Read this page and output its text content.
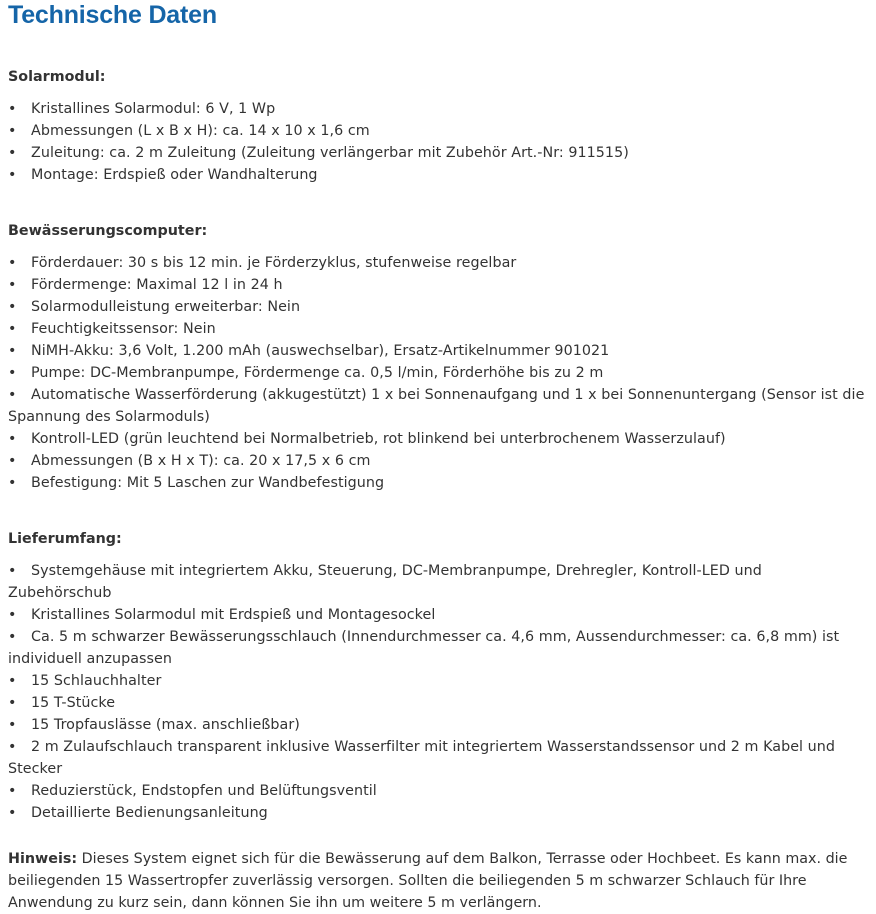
Technische Daten
Solarmodul:
• Kristallines Solarmodul: 6 V, 1 Wp
• Abmessungen (L x B x H): ca. 14 x 10 x 1,6 cm
• Zuleitung: ca. 2 m Zuleitung (Zuleitung verlängerbar mit Zubehör Art.-Nr: 911515)
• Montage: Erdspieß oder Wandhalterung
Bewässerungscomputer:
• Förderdauer: 30 s bis 12 min. je Förderzyklus, stufenweise regelbar
• Fördermenge: Maximal 12 l in 24 h
• Solarmodulleistung erweiterbar: Nein
• Feuchtigkeitssensor: Nein
• NiMH-Akku: 3,6 Volt, 1.200 mAh (auswechselbar), Ersatz-Artikelnummer 901021
• Pumpe: DC-Membranpumpe, Fördermenge ca. 0,5 l/min, Förderhöhe bis zu 2 m
• Automatische Wasserförderung (akkugestützt) 1 x bei Sonnenaufgang und 1 x bei Sonnenuntergang (Sensor ist die Spannung des Solarmoduls)
• Kontroll-LED (grün leuchtend bei Normalbetrieb, rot blinkend bei unterbrochenem Wasserzulauf)
• Abmessungen (B x H x T): ca. 20 x 17,5 x 6 cm
• Befestigung: Mit 5 Laschen zur Wandbefestigung
Lieferumfang:
• Systemgehäuse mit integriertem Akku, Steuerung, DC-Membranpumpe, Drehregler, Kontroll-LED und Zubehörschub
• Kristallines Solarmodul mit Erdspieß und Montagesockel
• Ca. 5 m schwarzer Bewässerungsschlauch (Innendurchmesser ca. 4,6 mm, Aussendurchmesser: ca. 6,8 mm) ist individuell anzupassen
• 15 Schlauchhalter
• 15 T-Stücke
• 15 Tropfauslässe (max. anschließbar)
• 2 m Zulaufschlauch transparent inklusive Wasserfilter mit integriertem Wasserstandssensor und 2 m Kabel und Stecker
• Reduzierstück, Endstopfen und Belüftungsventil
• Detaillierte Bedienungsanleitung
Hinweis: Dieses System eignet sich für die Bewässerung auf dem Balkon, Terrasse oder Hochbeet. Es kann max. die beiliegenden 15 Wassertropfer zuverlässig versorgen. Sollten die beiliegenden 5 m schwarzer Schlauch für Ihre Anwendung zu kurz sein, dann können Sie ihn um weitere 5 m verlängern.
